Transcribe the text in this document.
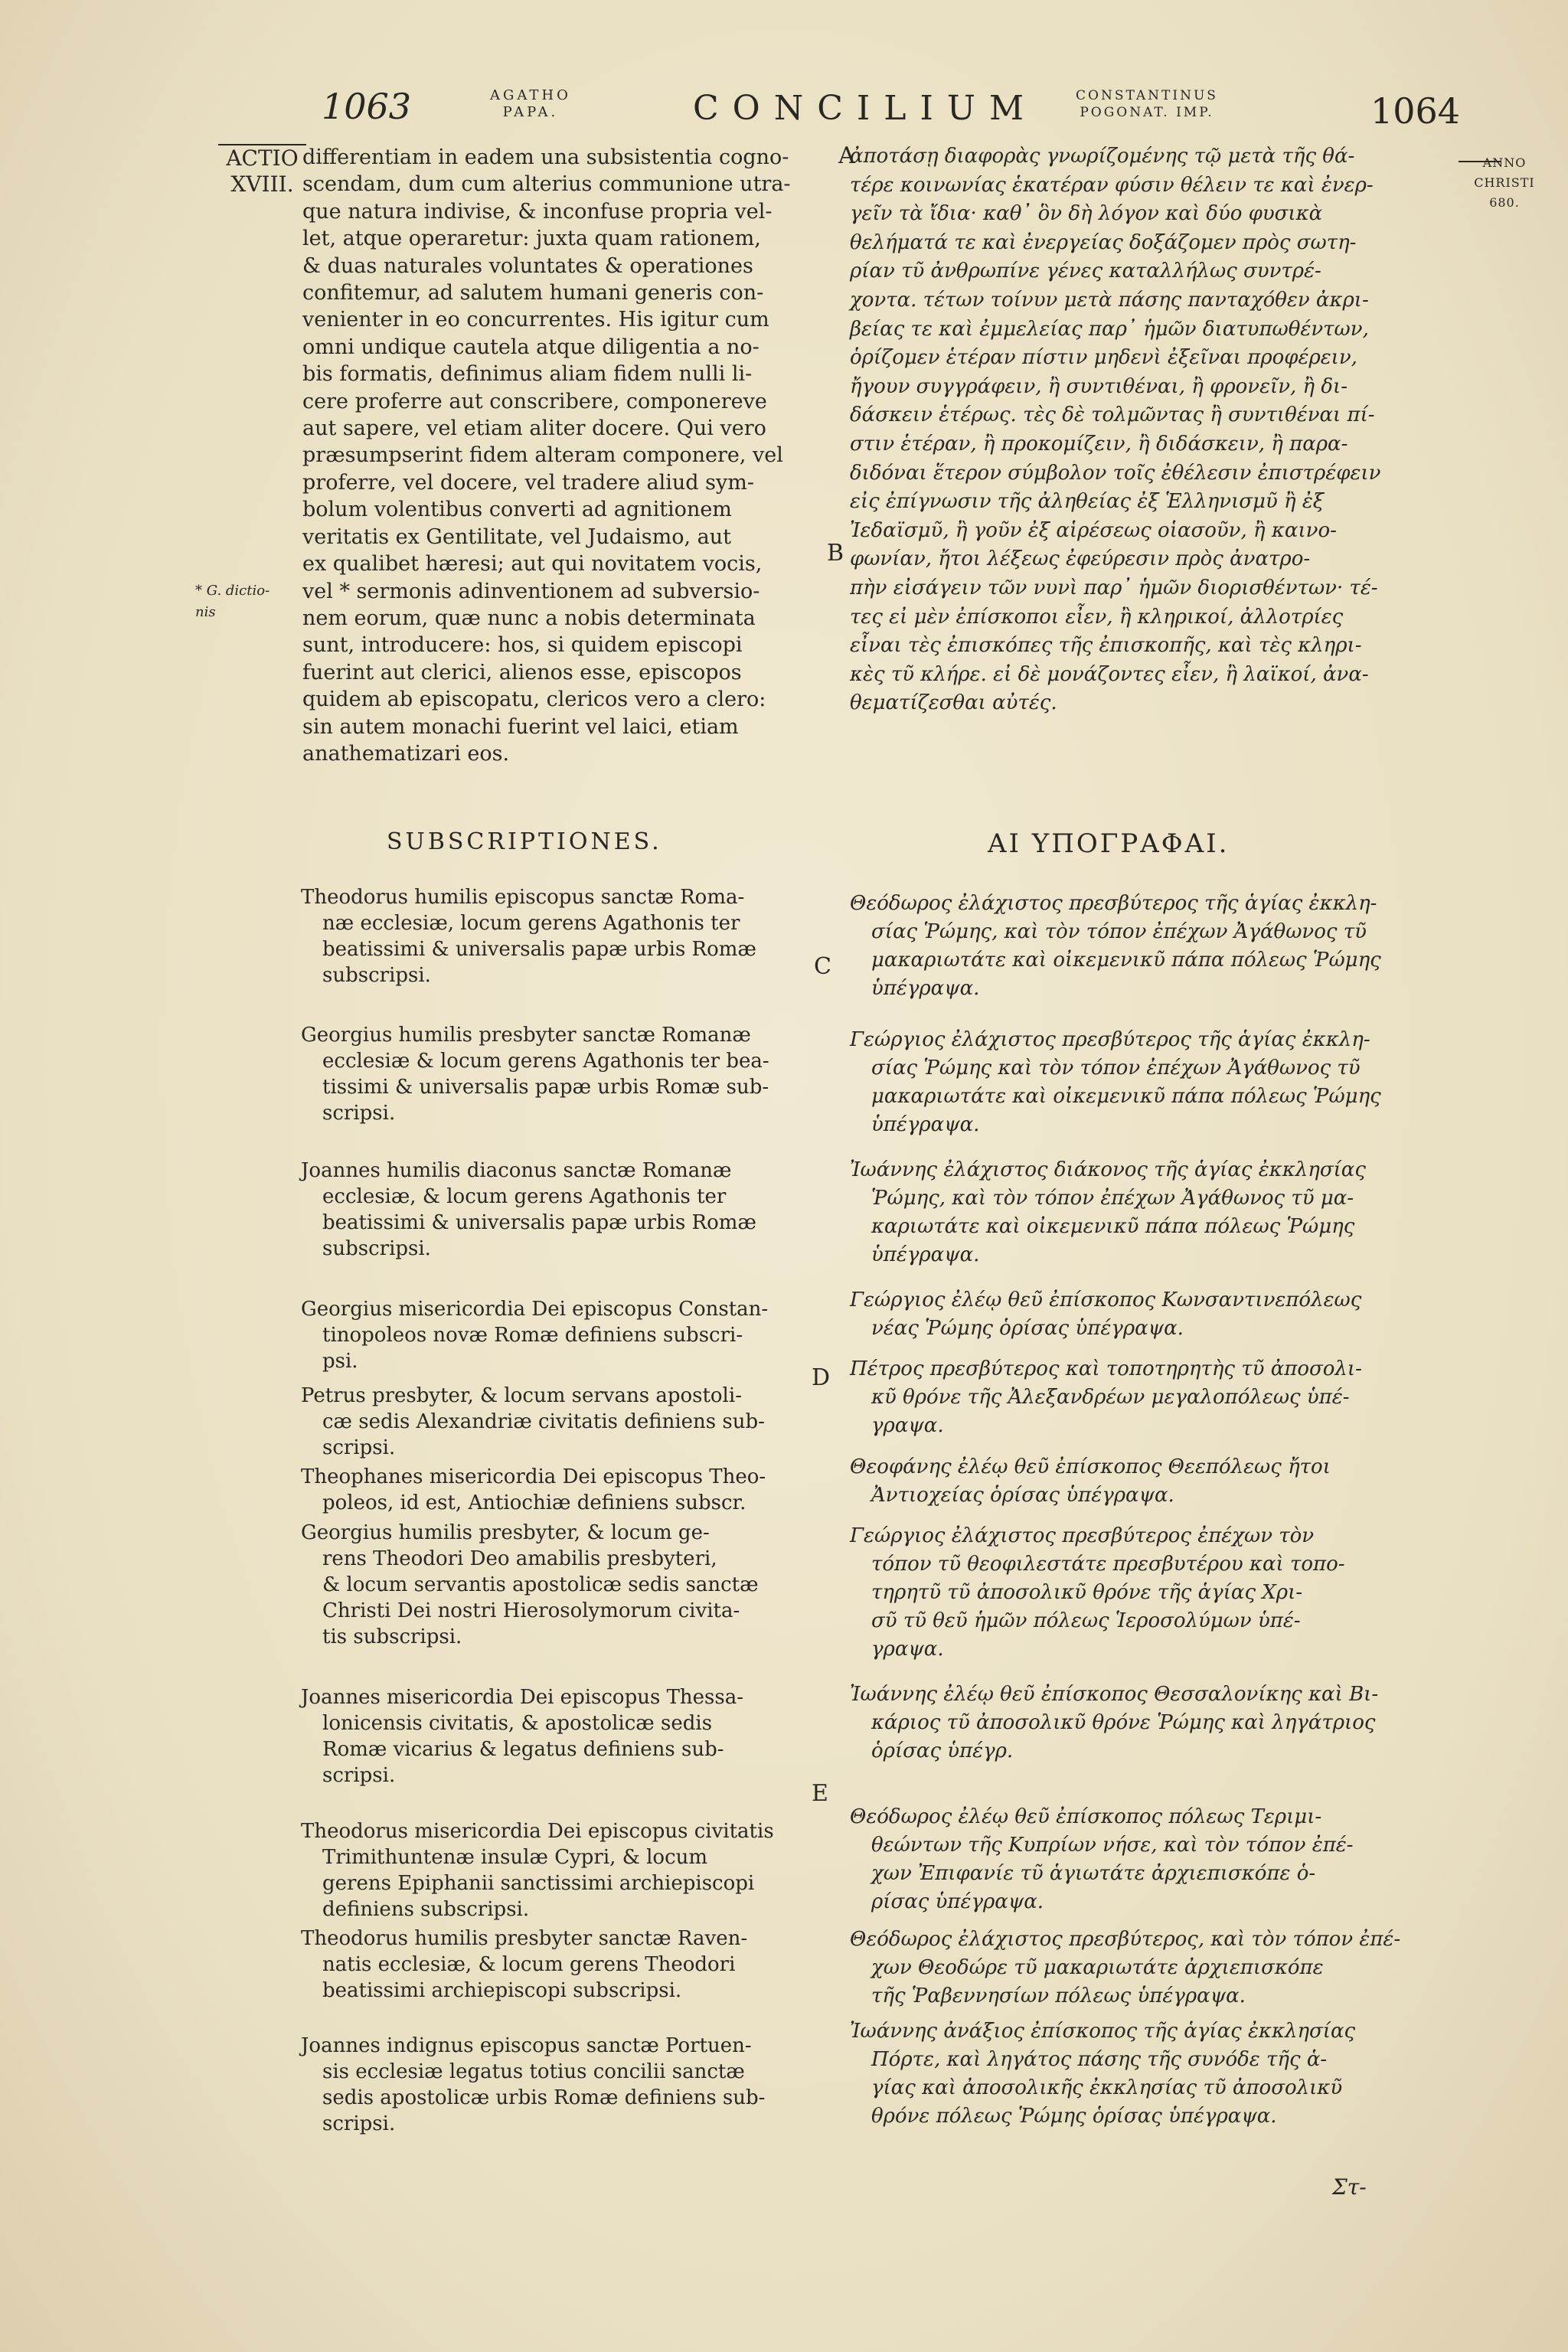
1063	AGATHO
PAPA.	CONCILIUM	CONSTANTINUS
POGONAT. IMP.	1064
ACTIO
XVIII.
ANNO
CHRISTI
680.
* G. dictio-nis
A
B
C
D
E
differentiam in eadem una subsistentia cogno-
scendam, dum cum alterius communione utra-
que natura indivise, & inconfuse propria vel-
let, atque operaretur: juxta quam rationem,
& duas naturales voluntates & operationes
confitemur, ad salutem humani generis con-
venienter in eo concurrentes. His igitur cum
omni undique cautela atque diligentia a no-
bis formatis, definimus aliam fidem nulli li-
cere proferre aut conscribere, componereve
aut sapere, vel etiam aliter docere. Qui vero
præsumpserint fidem alteram componere, vel
proferre, vel docere, vel tradere aliud sym-
bolum volentibus converti ad agnitionem
veritatis ex Gentilitate, vel Judaismo, aut
ex qualibet hæresi; aut qui novitatem vocis,
vel * sermonis adinventionem ad subversio-
nem eorum, quæ nunc a nobis determinata
sunt, introducere: hos, si quidem episcopi
fuerint aut clerici, alienos esse, episcopos
quidem ab episcopatu, clericos vero a clero:
sin autem monachi fuerint vel laici, etiam
anathematizari eos.
ἀποτάσῃ διαφορὰς γνωρίζομένης τῷ μετὰ τῆς θά-
τέρε κοινωνίας ἑκατέραν φύσιν θέλειν τε καὶ ἐνερ-
γεῖν τὰ ἴδια· καθ᾽ ὃν δὴ λόγον καὶ δύο φυσικὰ
θελήματά τε καὶ ἐνεργείας δοξάζομεν πρὸς σωτη-
ρίαν τῦ ἀνθρωπίνε γένες καταλλήλως συντρέ-
χοντα. τέτων τοίνυν μετὰ πάσης πανταχόθεν ἀκρι-
βείας τε καὶ ἐμμελείας παρ᾽ ἡμῶν διατυπωθέντων,
ὁρίζομεν ἑτέραν πίστιν μηδενὶ ἐξεῖναι προφέρειν,
ἤγουν συγγράφειν, ἢ συντιθέναι, ἢ φρονεῖν, ἢ δι-
δάσκειν ἑτέρως. τὲς δὲ τολμῶντας ἢ συντιθέναι πί-
στιν ἑτέραν, ἢ προκομίζειν, ἢ διδάσκειν, ἢ παρα-
διδόναι ἕτερον σύμβολον τοῖς ἐθέλεσιν ἐπιστρέφειν
εἰς ἐπίγνωσιν τῆς ἀληθείας ἐξ Ἑλληνισμῦ ἢ ἐξ
Ἰεδαϊσμῦ, ἢ γοῦν ἐξ αἱρέσεως οἱασοῦν, ἢ καινο-
φωνίαν, ἤτοι λέξεως ἐφεύρεσιν πρὸς ἀνατρο-
πὴν εἰσάγειν τῶν νυνὶ παρ᾽ ἡμῶν διορισθέντων· τέ-
τες εἰ μὲν ἐπίσκοποι εἶεν, ἢ κληρικοί, ἀλλοτρίες
εἶναι τὲς ἐπισκόπες τῆς ἐπισκοπῆς, καὶ τὲς κληρι-
κὲς τῦ κλήρε. εἰ δὲ μονάζοντες εἶεν, ἢ λαϊκοί, ἀνα-
θεματίζεσθαι αὐτές.
SUBSCRIPTIONES.	ΑΙ ΥΠΟΓΡΑΦΑΙ.
Theodorus humilis episcopus sanctæ Roma-
næ ecclesiæ, locum gerens Agathonis ter
beatissimi & universalis papæ urbis Romæ
subscripsi.
Georgius humilis presbyter sanctæ Romanæ
ecclesiæ & locum gerens Agathonis ter bea-
tissimi & universalis papæ urbis Romæ sub-
scripsi.
Joannes humilis diaconus sanctæ Romanæ
ecclesiæ, & locum gerens Agathonis ter
beatissimi & universalis papæ urbis Romæ
subscripsi.
Georgius misericordia Dei episcopus Constan-
tinopoleos novæ Romæ definiens subscri-
psi.
Petrus presbyter, & locum servans apostoli-
cæ sedis Alexandriæ civitatis definiens sub-
scripsi.
Theophanes misericordia Dei episcopus Theo-
poleos, id est, Antiochiæ definiens subscr.
Georgius humilis presbyter, & locum ge-
rens Theodori Deo amabilis presbyteri,
& locum servantis apostolicæ sedis sanctæ
Christi Dei nostri Hierosolymorum civita-
tis subscripsi.
Joannes misericordia Dei episcopus Thessa-
lonicensis civitatis, & apostolicæ sedis
Romæ vicarius & legatus definiens sub-
scripsi.
Theodorus misericordia Dei episcopus civitatis
Trimithuntenæ insulæ Cypri, & locum
gerens Epiphanii sanctissimi archiepiscopi
definiens subscripsi.
Theodorus humilis presbyter sanctæ Raven-
natis ecclesiæ, & locum gerens Theodori
beatissimi archiepiscopi subscripsi.
Joannes indignus episcopus sanctæ Portuen-
sis ecclesiæ legatus totius concilii sanctæ
sedis apostolicæ urbis Romæ definiens sub-
scripsi.
Θεόδωρος ἐλάχιστος πρεσβύτερος τῆς ἁγίας ἐκκλη-
σίας Ῥώμης, καὶ τὸν τόπον ἐπέχων Ἀγάθωνος τῦ
μακαριωτάτε καὶ οἰκεμενικῦ πάπα πόλεως Ῥώμης
ὑπέγραψα.
Γεώργιος ἐλάχιστος πρεσβύτερος τῆς ἁγίας ἐκκλη-
σίας Ῥώμης καὶ τὸν τόπον ἐπέχων Ἀγάθωνος τῦ
μακαριωτάτε καὶ οἰκεμενικῦ πάπα πόλεως Ῥώμης
ὑπέγραψα.
Ἰωάννης ἐλάχιστος διάκονος τῆς ἁγίας ἐκκλησίας
Ῥώμης, καὶ τὸν τόπον ἐπέχων Ἀγάθωνος τῦ μα-
καριωτάτε καὶ οἰκεμενικῦ πάπα πόλεως Ῥώμης
ὑπέγραψα.
Γεώργιος ἐλέῳ θεῦ ἐπίσκοπος Κωνσαντινεπόλεως
νέας Ῥώμης ὁρίσας ὑπέγραψα.
Πέτρος πρεσβύτερος καὶ τοποτηρητὴς τῦ ἀποσολι-
κῦ θρόνε τῆς Ἀλεξανδρέων μεγαλοπόλεως ὑπέ-
γραψα.
Θεοφάνης ἐλέῳ θεῦ ἐπίσκοπος Θεεπόλεως ἤτοι
Ἀντιοχείας ὁρίσας ὑπέγραψα.
Γεώργιος ἐλάχιστος πρεσβύτερος ἐπέχων τὸν
τόπον τῦ θεοφιλεστάτε πρεσβυτέρου καὶ τοπο-
τηρητῦ τῦ ἀποσολικῦ θρόνε τῆς ἁγίας Χρι-
σῦ τῦ θεῦ ἡμῶν πόλεως Ἱεροσολύμων ὑπέ-
γραψα.
Ἰωάννης ἐλέῳ θεῦ ἐπίσκοπος Θεσσαλονίκης καὶ Βι-
κάριος τῦ ἀποσολικῦ θρόνε Ῥώμης καὶ ληγάτριος
ὁρίσας ὑπέγρ.
Θεόδωρος ἐλέῳ θεῦ ἐπίσκοπος πόλεως Τεριμι-
θεώντων τῆς Κυπρίων νήσε, καὶ τὸν τόπον ἐπέ-
χων Ἐπιφανίε τῦ ἁγιωτάτε ἀρχιεπισκόπε ὁ-
ρίσας ὑπέγραψα.
Θεόδωρος ἐλάχιστος πρεσβύτερος, καὶ τὸν τόπον ἐπέ-
χων Θεοδώρε τῦ μακαριωτάτε ἀρχιεπισκόπε
τῆς Ῥαβεννησίων πόλεως ὑπέγραψα.
Ἰωάννης ἀνάξιος ἐπίσκοπος τῆς ἁγίας ἐκκλησίας
Πόρτε, καὶ ληγάτος πάσης τῆς συνόδε τῆς ἁ-
γίας καὶ ἀποσολικῆς ἐκκλησίας τῦ ἀποσολικῦ
θρόνε πόλεως Ῥώμης ὁρίσας ὑπέγραψα.
Στ-
